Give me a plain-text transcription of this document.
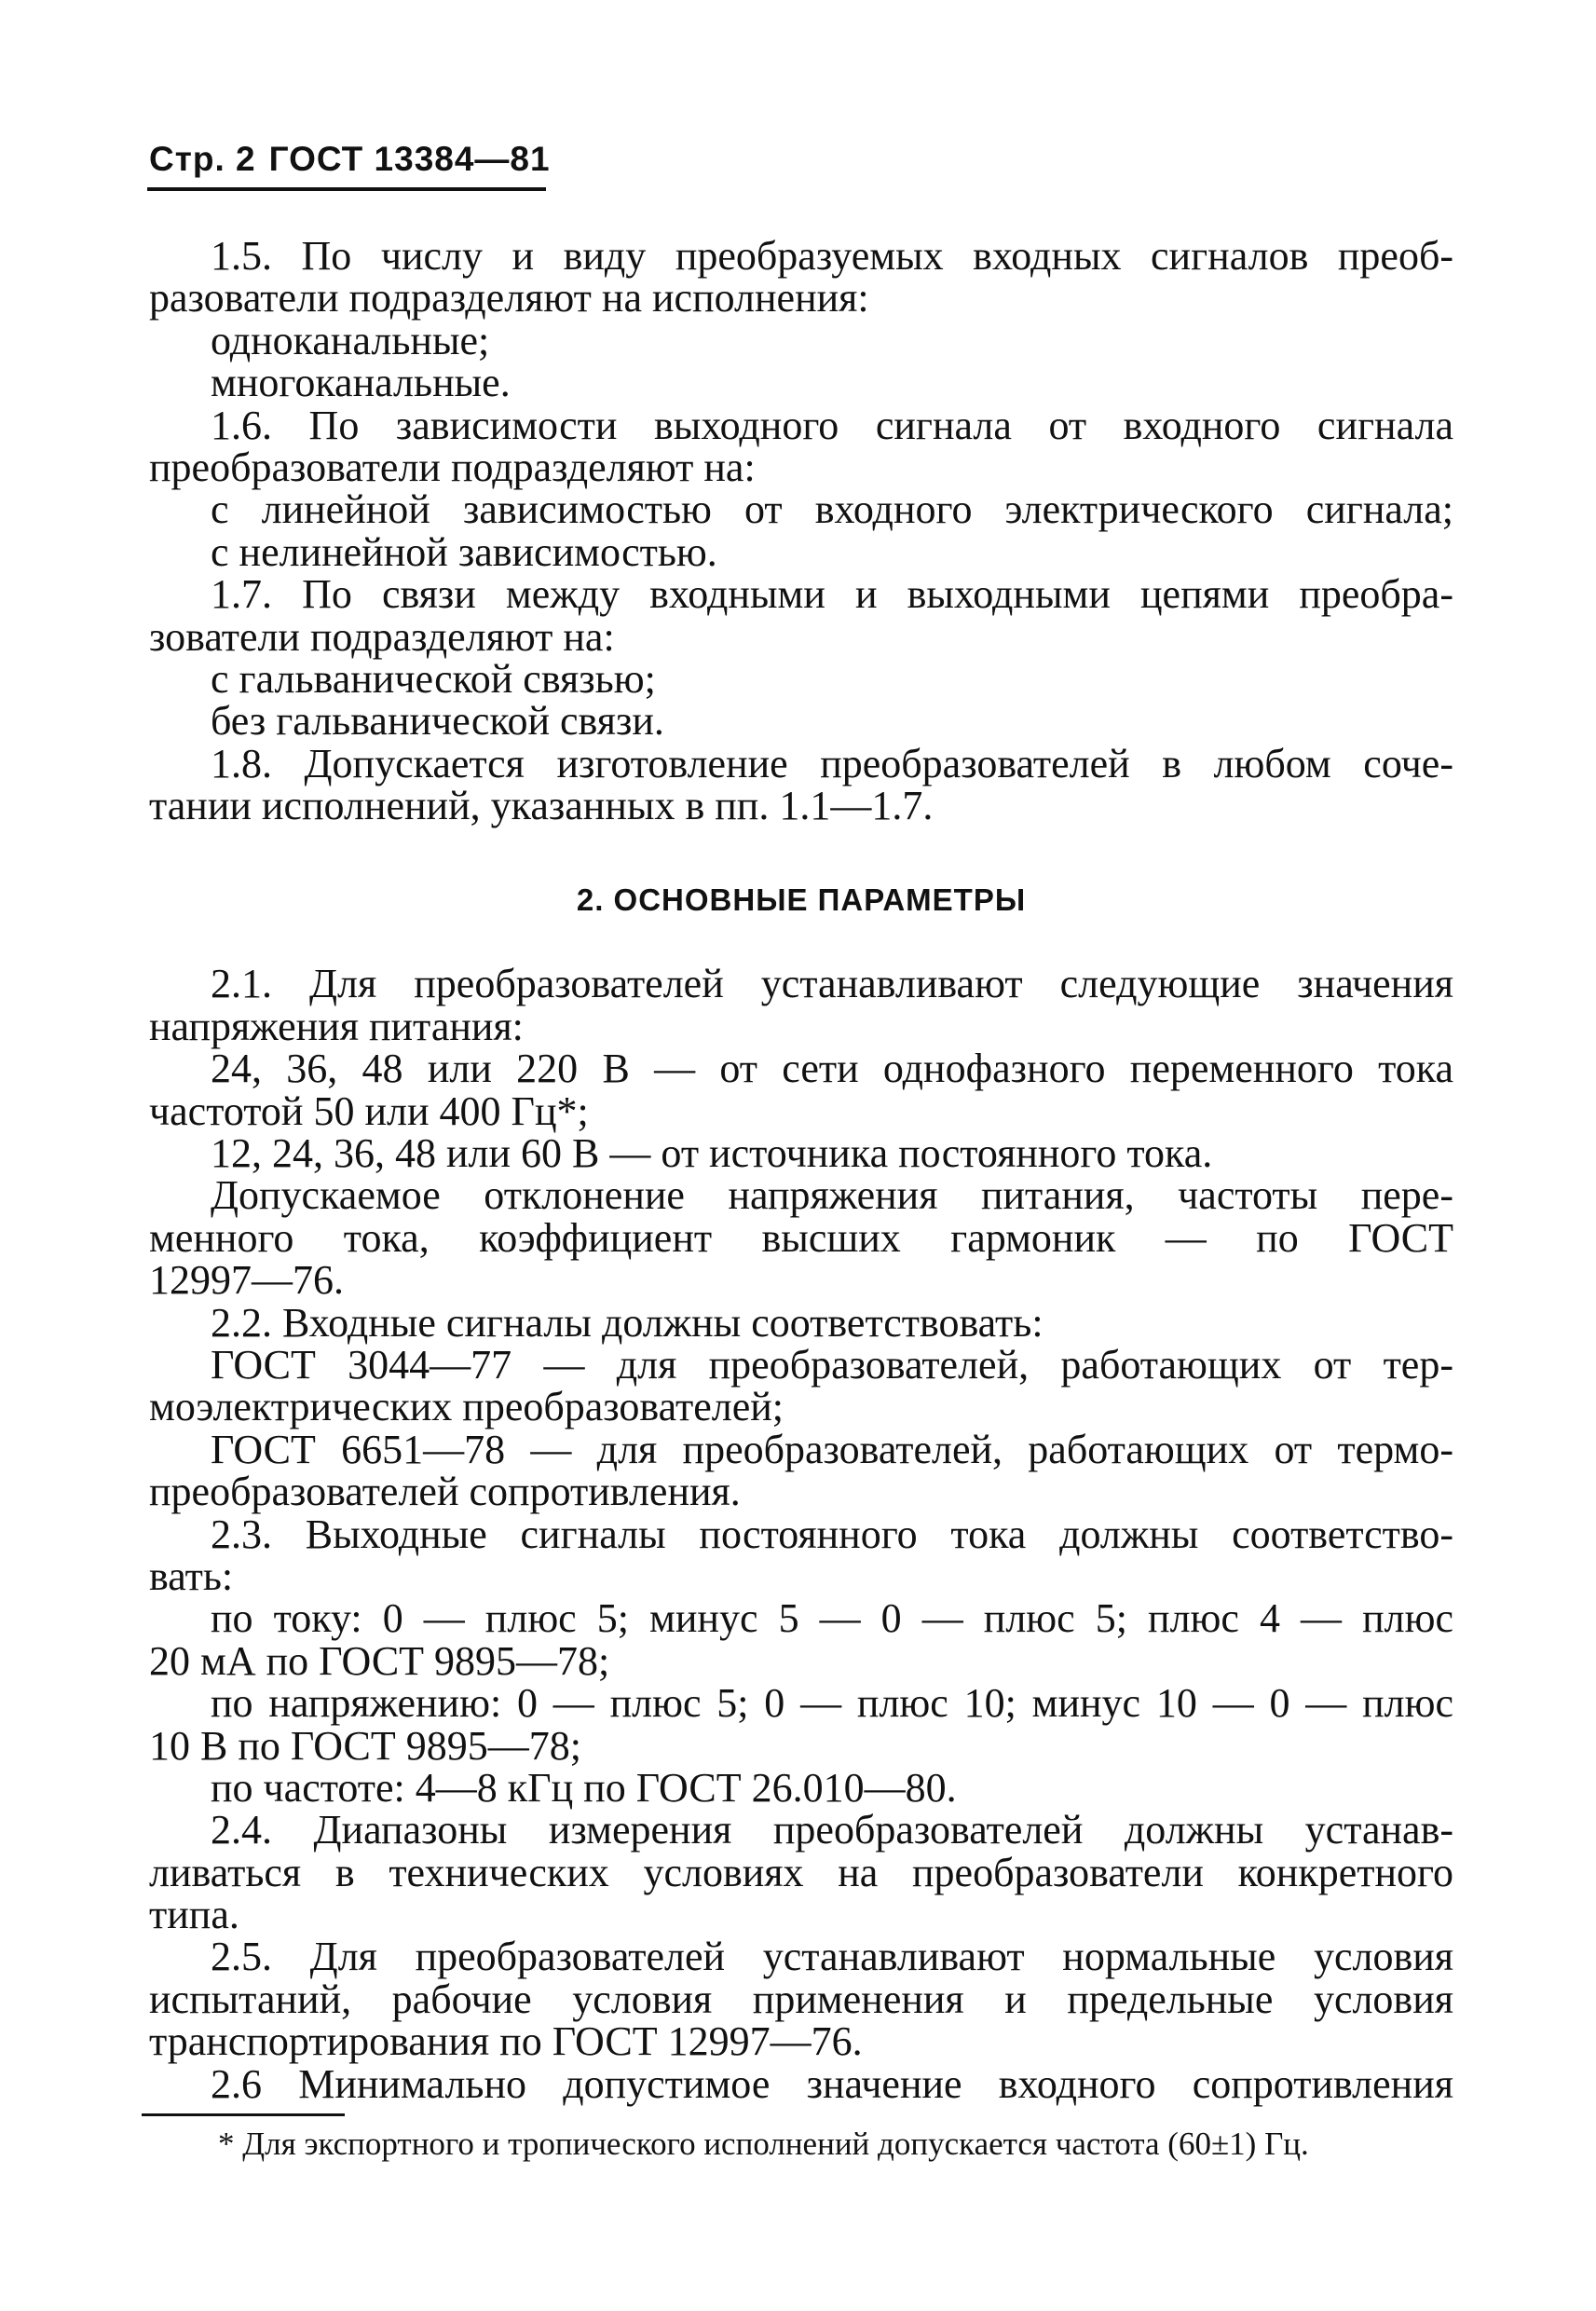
Стр. 2 ГОСТ 13384—81
1.5. По числу и виду преобразуемых входных сигналов преоб-
разователи подразделяют на исполнения:
одноканальные;
многоканальные.
1.6. По зависимости выходного сигнала от входного сигнала
преобразователи подразделяют на:
с линейной зависимостью от входного электрического сигнала;
с нелинейной зависимостью.
1.7. По связи между входными и выходными цепями преобра-
зователи подразделяют на:
с гальванической связью;
без гальванической связи.
1.8. Допускается изготовление преобразователей в любом соче-
тании исполнений, указанных в пп. 1.1—1.7.
2. ОСНОВНЫЕ ПАРАМЕТРЫ
2.1. Для преобразователей устанавливают следующие значения
напряжения питания:
24, 36, 48 или 220 В — от сети однофазного переменного тока
частотой 50 или 400 Гц*;
12, 24, 36, 48 или 60 В — от источника постоянного тока.
Допускаемое отклонение напряжения питания, частоты пере-
менного тока, коэффициент высших гармоник — по ГОСТ
12997—76.
2.2. Входные сигналы должны соответствовать:
ГОСТ 3044—77 — для преобразователей, работающих от тер-
моэлектрических преобразователей;
ГОСТ 6651—78 — для преобразователей, работающих от термо-
преобразователей сопротивления.
2.3. Выходные сигналы постоянного тока должны соответство-
вать:
по току: 0 — плюс 5; минус 5 — 0 — плюс 5; плюс 4 — плюс
20 мА по ГОСТ 9895—78;
по напряжению: 0 — плюс 5; 0 — плюс 10; минус 10 — 0 — плюс
10 В по ГОСТ 9895—78;
по частоте: 4—8 кГц по ГОСТ 26.010—80.
2.4. Диапазоны измерения преобразователей должны устанав-
ливаться в технических условиях на преобразователи конкретного
типа.
2.5. Для преобразователей устанавливают нормальные условия
испытаний, рабочие условия применения и предельные условия
транспортирования по ГОСТ 12997—76.
2.6 Минимально допустимое значение входного сопротивления
* Для экспортного и тропического исполнений допускается частота (60±1) Гц.
